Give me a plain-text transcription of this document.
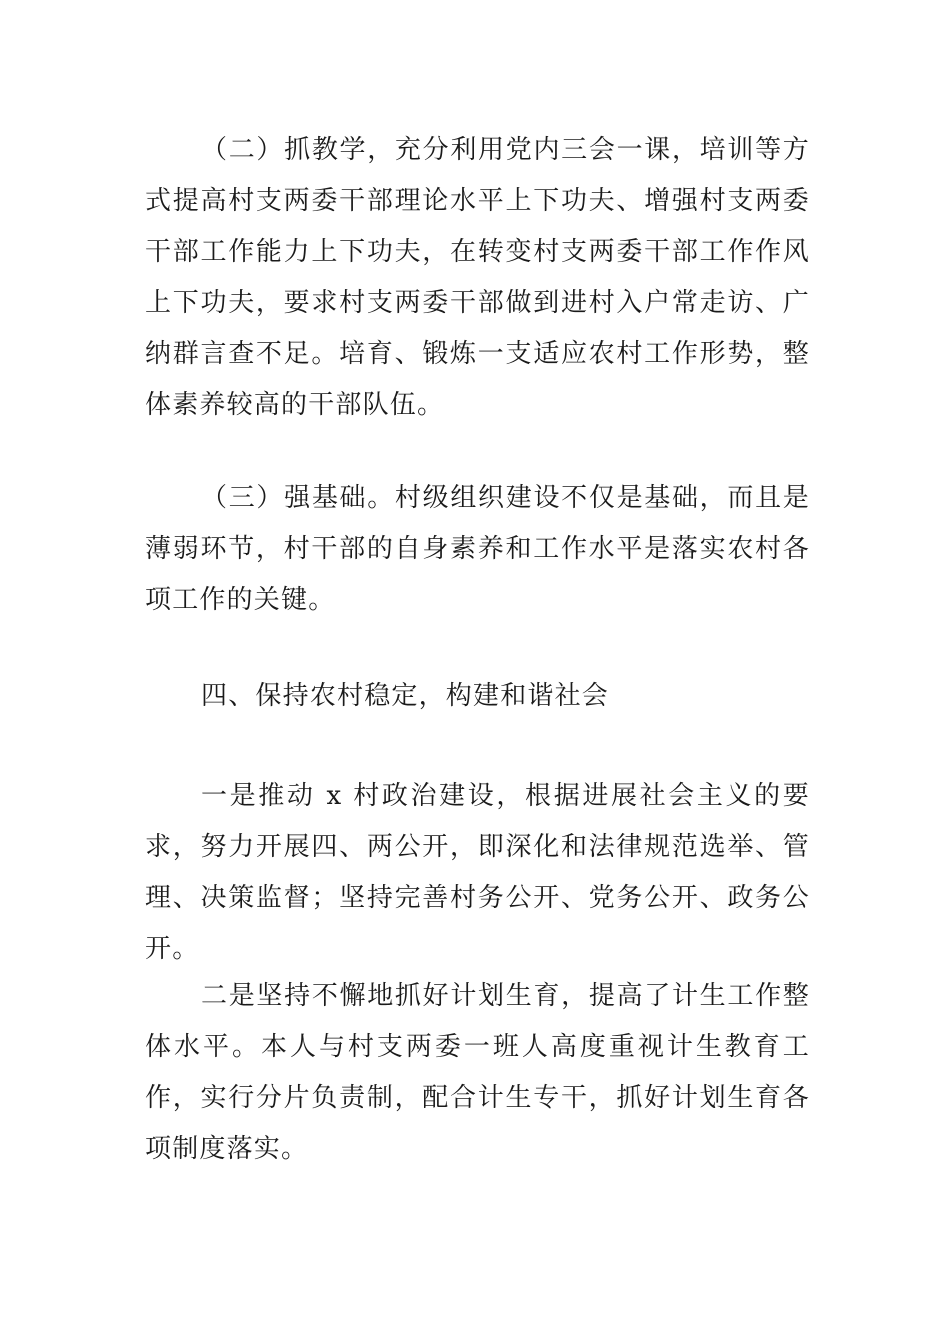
（二）抓教学，充分利用党内三会一课，培训等方式提高村支两委干部理论水平上下功夫、增强村支两委干部工作能力上下功夫，在转变村支两委干部工作作风上下功夫，要求村支两委干部做到进村入户常走访、广纳群言查不足。培育、锻炼一支适应农村工作形势，整体素养较高的干部队伍。

（三）强基础。村级组织建设不仅是基础，而且是薄弱环节，村干部的自身素养和工作水平是落实农村各项工作的关键。

四、保持农村稳定，构建和谐社会

一是推动 x 村政治建设，根据进展社会主义的要求，努力开展四、两公开，即深化和法律规范选举、管理、决策监督；坚持完善村务公开、党务公开、政务公开。

二是坚持不懈地抓好计划生育，提高了计生工作整体水平。本人与村支两委一班人高度重视计生教育工作，实行分片负责制，配合计生专干，抓好计划生育各项制度落实。
